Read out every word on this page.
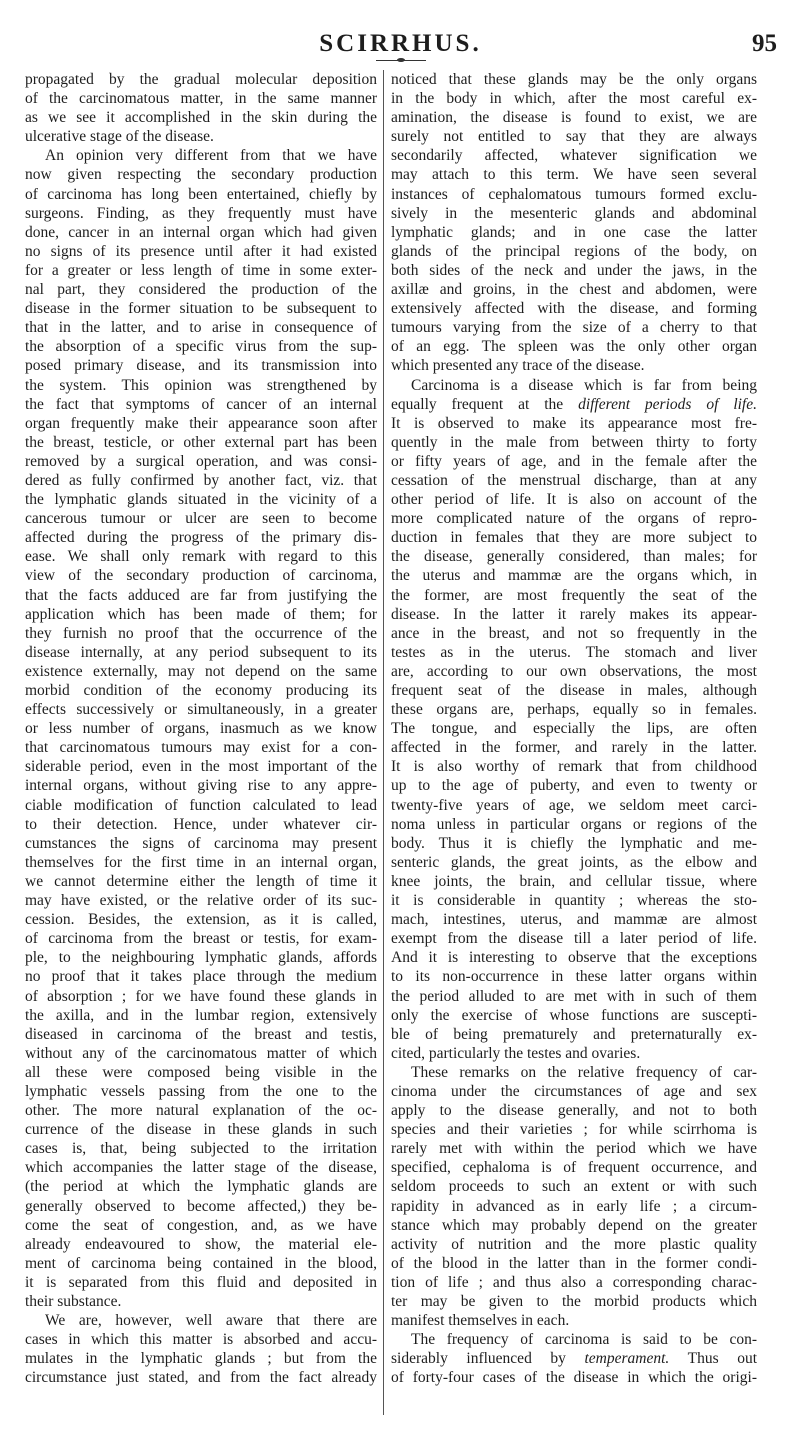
SCIRRHUS.	95
propagated by the gradual molecular deposition
of the carcinomatous matter, in the same manner
as we see it accomplished in the skin during the
ulcerative stage of the disease.
An opinion very different from that we have
now given respecting the secondary production
of carcinoma has long been entertained, chiefly by
surgeons. Finding, as they frequently must have
done, cancer in an internal organ which had given
no signs of its presence until after it had existed
for a greater or less length of time in some exter-
nal part, they considered the production of the
disease in the former situation to be subsequent to
that in the latter, and to arise in consequence of
the absorption of a specific virus from the sup-
posed primary disease, and its transmission into
the system. This opinion was strengthened by
the fact that symptoms of cancer of an internal
organ frequently make their appearance soon after
the breast, testicle, or other external part has been
removed by a surgical operation, and was consi-
dered as fully confirmed by another fact, viz. that
the lymphatic glands situated in the vicinity of a
cancerous tumour or ulcer are seen to become
affected during the progress of the primary dis-
ease. We shall only remark with regard to this
view of the secondary production of carcinoma,
that the facts adduced are far from justifying the
application which has been made of them; for
they furnish no proof that the occurrence of the
disease internally, at any period subsequent to its
existence externally, may not depend on the same
morbid condition of the economy producing its
effects successively or simultaneously, in a greater
or less number of organs, inasmuch as we know
that carcinomatous tumours may exist for a con-
siderable period, even in the most important of the
internal organs, without giving rise to any appre-
ciable modification of function calculated to lead
to their detection. Hence, under whatever cir-
cumstances the signs of carcinoma may present
themselves for the first time in an internal organ,
we cannot determine either the length of time it
may have existed, or the relative order of its suc-
cession. Besides, the extension, as it is called,
of carcinoma from the breast or testis, for exam-
ple, to the neighbouring lymphatic glands, affords
no proof that it takes place through the medium
of absorption ; for we have found these glands in
the axilla, and in the lumbar region, extensively
diseased in carcinoma of the breast and testis,
without any of the carcinomatous matter of which
all these were composed being visible in the
lymphatic vessels passing from the one to the
other. The more natural explanation of the oc-
currence of the disease in these glands in such
cases is, that, being subjected to the irritation
which accompanies the latter stage of the disease,
(the period at which the lymphatic glands are
generally observed to become affected,) they be-
come the seat of congestion, and, as we have
already endeavoured to show, the material ele-
ment of carcinoma being contained in the blood,
it is separated from this fluid and deposited in
their substance.
We are, however, well aware that there are
cases in which this matter is absorbed and accu-
mulates in the lymphatic glands ; but from the
circumstance just stated, and from the fact already
noticed that these glands may be the only organs
in the body in which, after the most careful ex-
amination, the disease is found to exist, we are
surely not entitled to say that they are always
secondarily affected, whatever signification we
may attach to this term. We have seen several
instances of cephalomatous tumours formed exclu-
sively in the mesenteric glands and abdominal
lymphatic glands; and in one case the latter
glands of the principal regions of the body, on
both sides of the neck and under the jaws, in the
axillæ and groins, in the chest and abdomen, were
extensively affected with the disease, and forming
tumours varying from the size of a cherry to that
of an egg. The spleen was the only other organ
which presented any trace of the disease.
Carcinoma is a disease which is far from being
equally frequent at the different periods of life.
It is observed to make its appearance most fre-
quently in the male from between thirty to forty
or fifty years of age, and in the female after the
cessation of the menstrual discharge, than at any
other period of life. It is also on account of the
more complicated nature of the organs of repro-
duction in females that they are more subject to
the disease, generally considered, than males; for
the uterus and mammæ are the organs which, in
the former, are most frequently the seat of the
disease. In the latter it rarely makes its appear-
ance in the breast, and not so frequently in the
testes as in the uterus. The stomach and liver
are, according to our own observations, the most
frequent seat of the disease in males, although
these organs are, perhaps, equally so in females.
The tongue, and especially the lips, are often
affected in the former, and rarely in the latter.
It is also worthy of remark that from childhood
up to the age of puberty, and even to twenty or
twenty-five years of age, we seldom meet carci-
noma unless in particular organs or regions of the
body. Thus it is chiefly the lymphatic and me-
senteric glands, the great joints, as the elbow and
knee joints, the brain, and cellular tissue, where
it is considerable in quantity ; whereas the sto-
mach, intestines, uterus, and mammæ are almost
exempt from the disease till a later period of life.
And it is interesting to observe that the exceptions
to its non-occurrence in these latter organs within
the period alluded to are met with in such of them
only the exercise of whose functions are suscepti-
ble of being prematurely and preternaturally ex-
cited, particularly the testes and ovaries.
These remarks on the relative frequency of car-
cinoma under the circumstances of age and sex
apply to the disease generally, and not to both
species and their varieties ; for while scirrhoma is
rarely met with within the period which we have
specified, cephaloma is of frequent occurrence, and
seldom proceeds to such an extent or with such
rapidity in advanced as in early life ; a circum-
stance which may probably depend on the greater
activity of nutrition and the more plastic quality
of the blood in the latter than in the former condi-
tion of life ; and thus also a corresponding charac-
ter may be given to the morbid products which
manifest themselves in each.
The frequency of carcinoma is said to be con-
siderably influenced by temperament. Thus out
of forty-four cases of the disease in which the origi-
